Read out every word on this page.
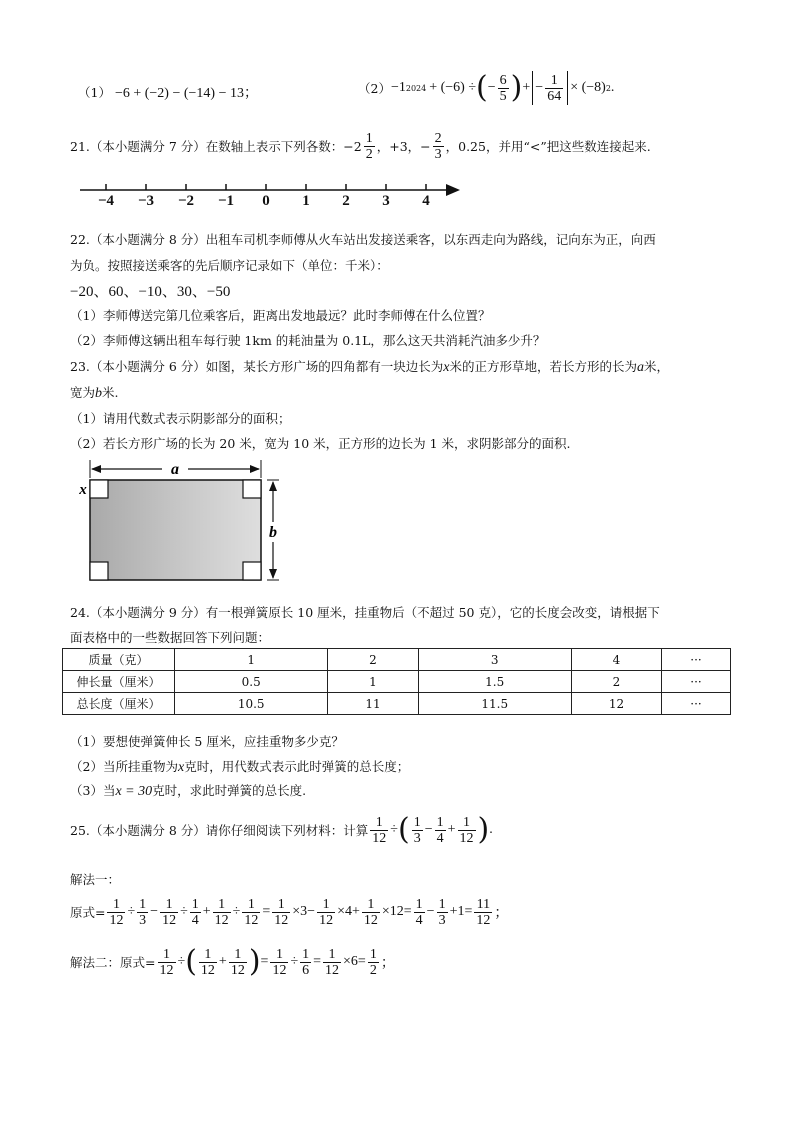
（1） −6 + (−2) − (−14) − 13；	（2） −1 2024 + (−6) ÷ ( − $\frac{6}{5}$ ) + − $\frac{1}{64} \times (-8)$ 2 .
21.（本小题满分 7 分）在数轴上表示下列各数：$-2 \frac{1}{2}$ ，+3，− $\frac{2}{3}$ ，0.25，并用“<”把这些数连接起来.
−4 −3 −2 −1	0	1	2	3	4
22.（本小题满分 8 分）出租车司机李师傅从火车站出发接送乘客，以东西走向为路线，记向东为正，向西
为负。按照接送乘客的先后顺序记录如下（单位：千米）：
−20、60、−10、30、−50
（1）李师傅送完第几位乘客后，距离出发地最远？此时李师傅在什么位置？
（2）李师傅这辆出租车每行驶 1km 的耗油量为 0.1L，那么这天共消耗汽油多少升？
23.（本小题满分 6 分）如图，某长方形广场的四角都有一块边长为x米的正方形草地，若长方形的长为a米，
宽为b米.
（1）请用代数式表示阴影部分的面积；
（2）若长方形广场的长为 20 米，宽为 10 米，正方形的边长为 1 米，求阴影部分的面积.
a
b
x
24.（本小题满分 9 分）有一根弹簧原长 10 厘米，挂重物后（不超过 50 克），它的长度会改变，请根据下
面表格中的一些数据回答下列问题：
质量（克）	1	2	3	4	···
伸长量（厘米）	0.5	1	1.5	2	···
总长度（厘米）	10.5	11	11.5	12	···
（1）要想使弹簧伸长 5 厘米，应挂重物多少克？
（2）当所挂重物为x克时，用代数式表示此时弹簧的总长度；
（3）当x = 30克时，求此时弹簧的总长度.
25.（本小题满分 8 分）请你仔细阅读下列材料：计算 $\frac{1}{12}$ ÷ ( $\frac{1}{3} - \frac{1}{4} + \frac{1}{12}$ ) .
解法一：
原式= $\frac{1}{12} \div \frac{1}{3} - \frac{1}{12} \div \frac{1}{4} + \frac{1}{12} \div \frac{1}{12} = \frac{1}{12} \times 3- \frac{1}{12} \times 4+ \frac{1}{12} \times 12= \frac{1}{4} - \frac{1}{3} +1= \frac{11}{12}$ ；
解法二： 原式= $\frac{1}{12}$ ÷ ( $\frac{1}{12} + \frac{1}{12}$ ) = $\frac{1}{12} \div \frac{1}{6} = \frac{1}{12} \times 6= \frac{1}{2}$ ；
